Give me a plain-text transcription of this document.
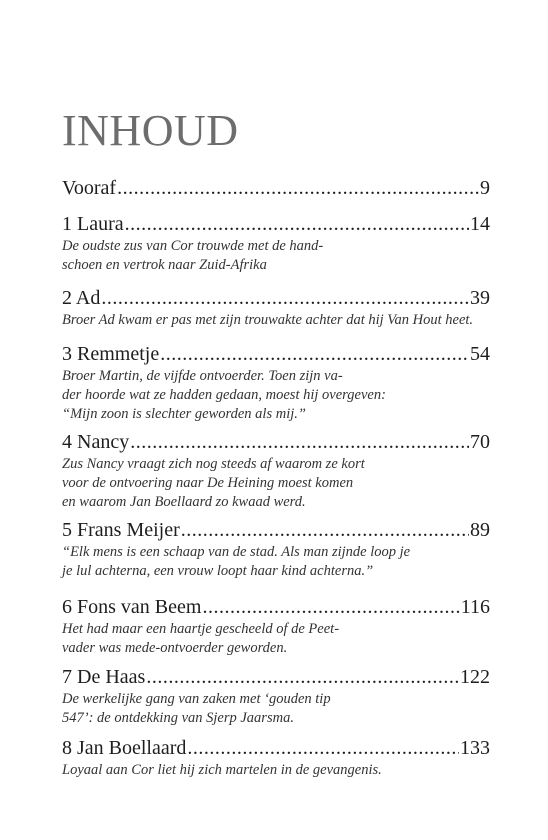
INHOUD
Vooraf .....	9
1 Laura .....	14
De oudste zus van Cor trouwde met de hand-
schoen en vertrok naar Zuid-Afrika
2 Ad .....	39
Broer Ad kwam er pas met zijn trouwakte achter dat hij Van Hout heet.
3 Remmetje .....	54
Broer Martin, de vijfde ontvoerder. Toen zijn va-
der hoorde wat ze hadden gedaan, moest hij overgeven:
“Mijn zoon is slechter geworden als mij.”
4 Nancy .....	70
Zus Nancy vraagt zich nog steeds af waarom ze kort
voor de ontvoering naar De Heining moest komen
en waarom Jan Boellaard zo kwaad werd.
5 Frans Meijer .....	89
“Elk mens is een schaap van de stad. Als man zijnde loop je
je lul achterna, een vrouw loopt haar kind achterna.”
6 Fons van Beem .....	116
Het had maar een haartje gescheeld of de Peet-
vader was mede-ontvoerder geworden.
7 De Haas .....	122
De werkelijke gang van zaken met ‘gouden tip
547’: de ontdekking van Sjerp Jaarsma.
8 Jan Boellaard .....	133
Loyaal aan Cor liet hij zich martelen in de gevangenis.
